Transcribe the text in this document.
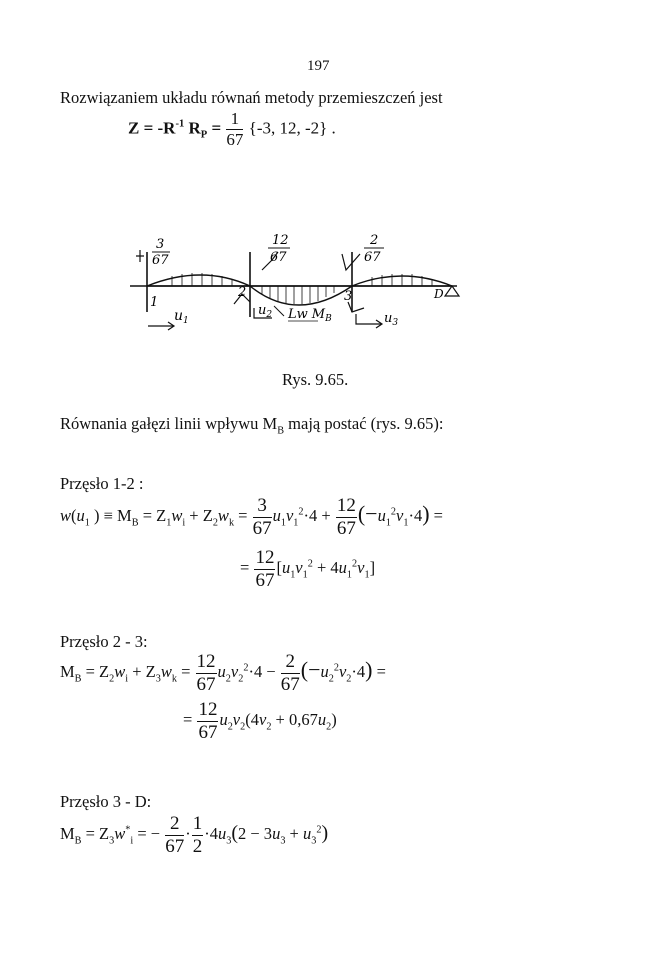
197
Rozwiązaniem układu równań metody przemieszczeń jest
$Z = -R^{-1}$ $R_P = \frac{1}{67} \{-3$, 12, -2} .
3
67
12
67
2
67
1
2	3	D
$u_1$
$u_2$ Lw $M_B$	$u_3$
Rys. 9.65.
Równania gałęzi linii wpływu $M_B$ mają postać (rys. 9.65):
Przęsło 1-2 :
$w(u_1$ ) ≡ $M_B = Z_1w_i + Z_2w_k = \frac{3}{67} u_1v_1^2\cdot 4 + \frac{12}{67} (-u_1^2v_1\cdot 4)$ =
= $\frac{12}{67} [u_1v_1^2 + 4u_1^2v_1]$
Przęsło 2 - 3:
$M_B = Z_2w_i + Z_3w_k = \frac{12}{67} u_2v_2^2\cdot 4 - \frac{2}{67} (-u_2^2v_2\cdot 4)$ =
= $\frac{12}{67} u_2v_2(4v_2 + 0,67u_2)$
Przęsło 3 - D:
$M_B = Z_3w^*_i$ = − $\frac{2}{67} \cdot \frac{1}{2} \cdot 4u_3(2 - 3u_3 + u_3^2)$
